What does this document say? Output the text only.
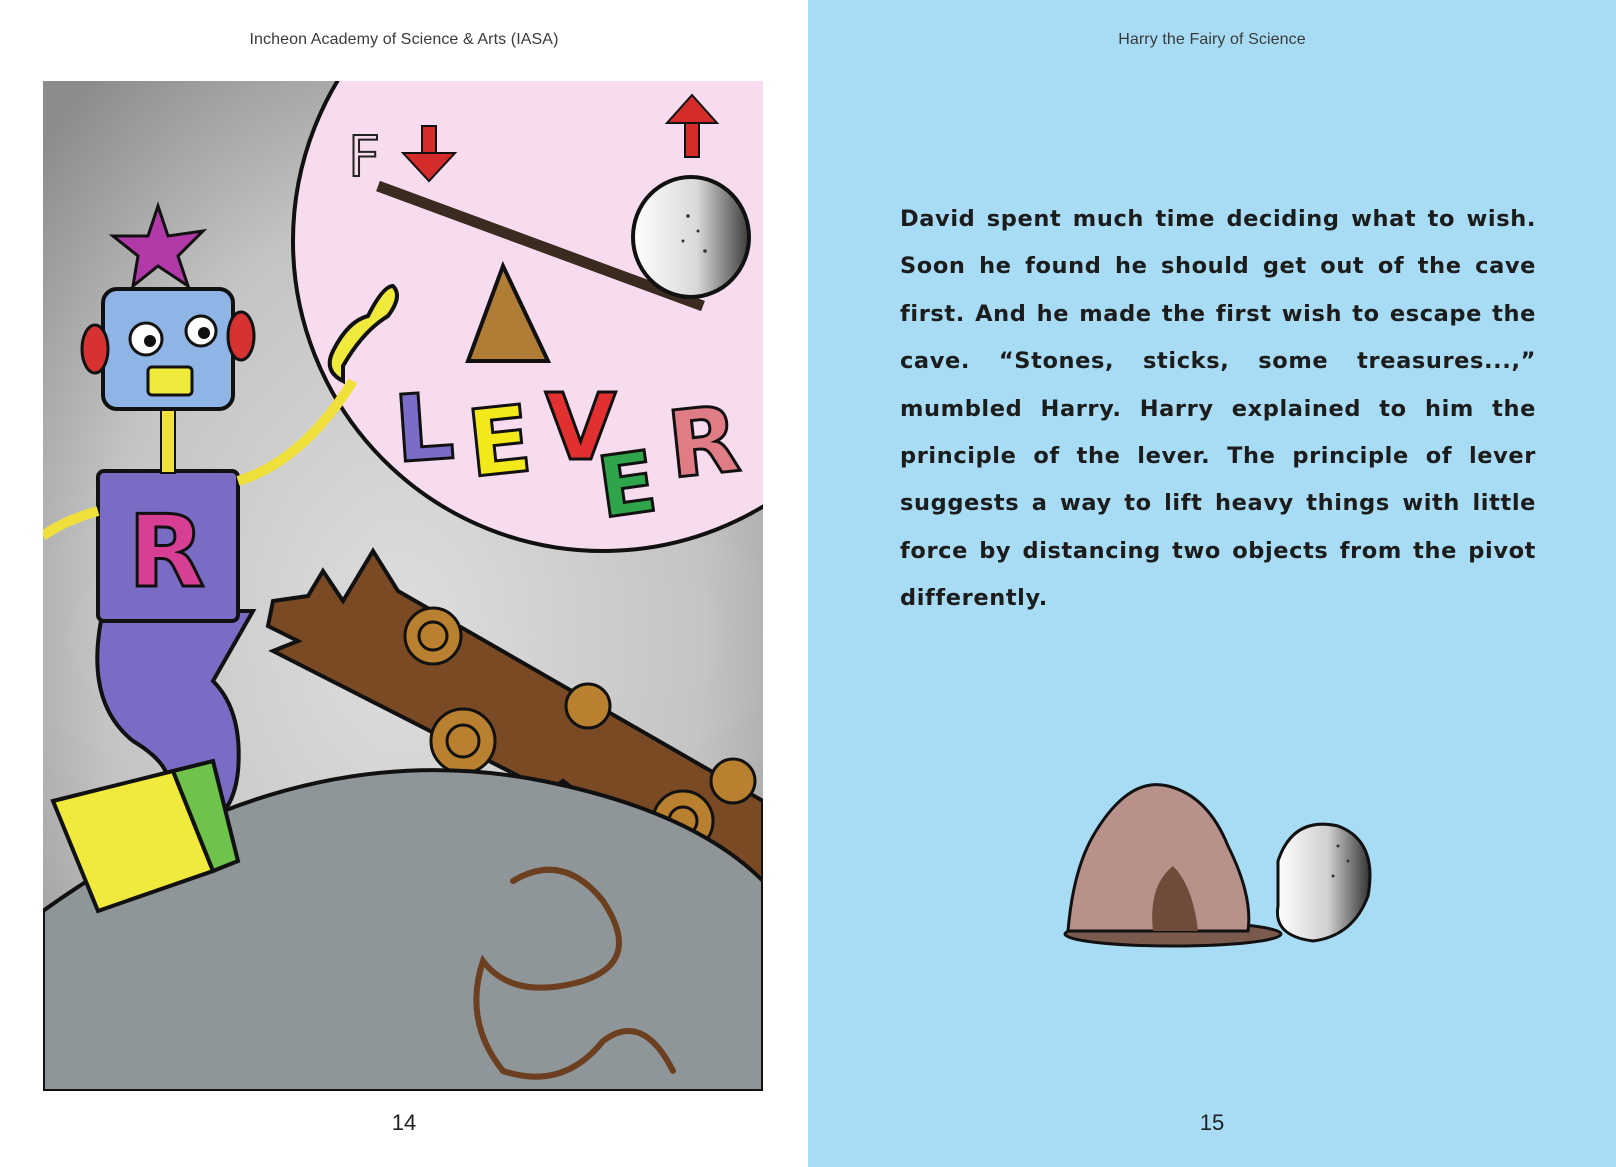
Incheon Academy of Science & Arts (IASA)
F
L E V
E R
R
14
Harry the Fairy of Science

David spent much time deciding what to wish. Soon he found he should get out of the cave first. And he made the first wish to escape the cave. “Stones, sticks, some treasures...,” mumbled Harry. Harry explained to him the principle of the lever. The principle of lever suggests a way to lift heavy things with little force by distancing two objects from the pivot differently.

15
